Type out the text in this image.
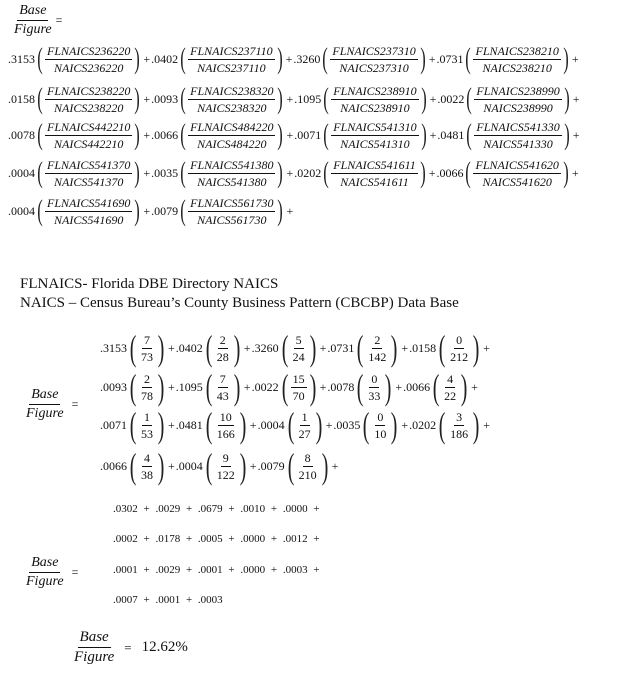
$\frac{\text{Base}}{\text{Figure}}$ =
.3153 ( $\frac{\text{FLNAICS236220}}{\text{NAICS236220}}$ ) + .0402 ( $\frac{\text{FLNAICS237110}}{\text{NAICS237110}}$ ) + .3260 ( $\frac{\text{FLNAICS237310}}{\text{NAICS237310}}$ ) + .0731 ( $\frac{\text{FLNAICS238210}}{\text{NAICS238210}}$ ) +
.0158 ( $\frac{\text{FLNAICS238220}}{\text{NAICS238220}}$ ) + .0093 ( $\frac{\text{FLNAICS238320}}{\text{NAICS238320}}$ ) + .1095 ( $\frac{\text{FLNAICS238910}}{\text{NAICS238910}}$ ) + .0022 ( $\frac{\text{FLNAICS238990}}{\text{NAICS238990}}$ ) +
.0078 ( $\frac{\text{FLNAICS442210}}{\text{NAICS442210}}$ ) + .0066 ( $\frac{\text{FLNAICS484220}}{\text{NAICS484220}}$ ) + .0071 ( $\frac{\text{FLNAICS541310}}{\text{NAICS541310}}$ ) + .0481 ( $\frac{\text{FLNAICS541330}}{\text{NAICS541330}}$ ) +
.0004 ( $\frac{\text{FLNAICS541370}}{\text{NAICS541370}}$ ) + .0035 ( $\frac{\text{FLNAICS541380}}{\text{NAICS541380}}$ ) + .0202 ( $\frac{\text{FLNAICS541611}}{\text{NAICS541611}}$ ) + .0066 ( $\frac{\text{FLNAICS541620}}{\text{NAICS541620}}$ ) +
.0004 ( $\frac{\text{FLNAICS541690}}{\text{NAICS541690}}$ ) + .0079 ( $\frac{\text{FLNAICS561730}}{\text{NAICS561730}}$ ) +
FLNAICS- Florida DBE Directory NAICS
NAICS – Census Bureau’s County Business Pattern (CBCBP) Data Base
$\frac{\text{Base}}{\text{Figure}}$ =
.3153 ( $\frac{7}{73}$ ) + .0402 ( $\frac{2}{28}$ ) + .3260 ( $\frac{5}{24}$ ) + .0731 ( $\frac{2}{142}$ ) + .0158 ( $\frac{0}{212}$ ) +
.0093 ( $\frac{2}{78}$ ) + .1095 ( $\frac{7}{43}$ ) + .0022 ( $\frac{15}{70}$ ) + .0078 ( $\frac{0}{33}$ ) + .0066 ( $\frac{4}{22}$ ) +
.0071 ( $\frac{1}{53}$ ) + .0481 ( $\frac{10}{166}$ ) + .0004 ( $\frac{1}{27}$ ) + .0035 ( $\frac{0}{10}$ ) + .0202 ( $\frac{3}{186}$ ) +
.0066 ( $\frac{4}{38}$ ) + .0004 ( $\frac{9}{122}$ ) + .0079 ( $\frac{8}{210}$ ) +
$\frac{\text{Base}}{\text{Figure}}$ =
.0302 + .0029 + .0679 + .0010 + .0000 +
.0002 + .0178 + .0005 + .0000 + .0012 +
.0001 + .0029 + .0001 + .0000 + .0003 +
.0007 + .0001 + .0003
$\frac{\text{Base}}{\text{Figure}} = 12.62\%$
